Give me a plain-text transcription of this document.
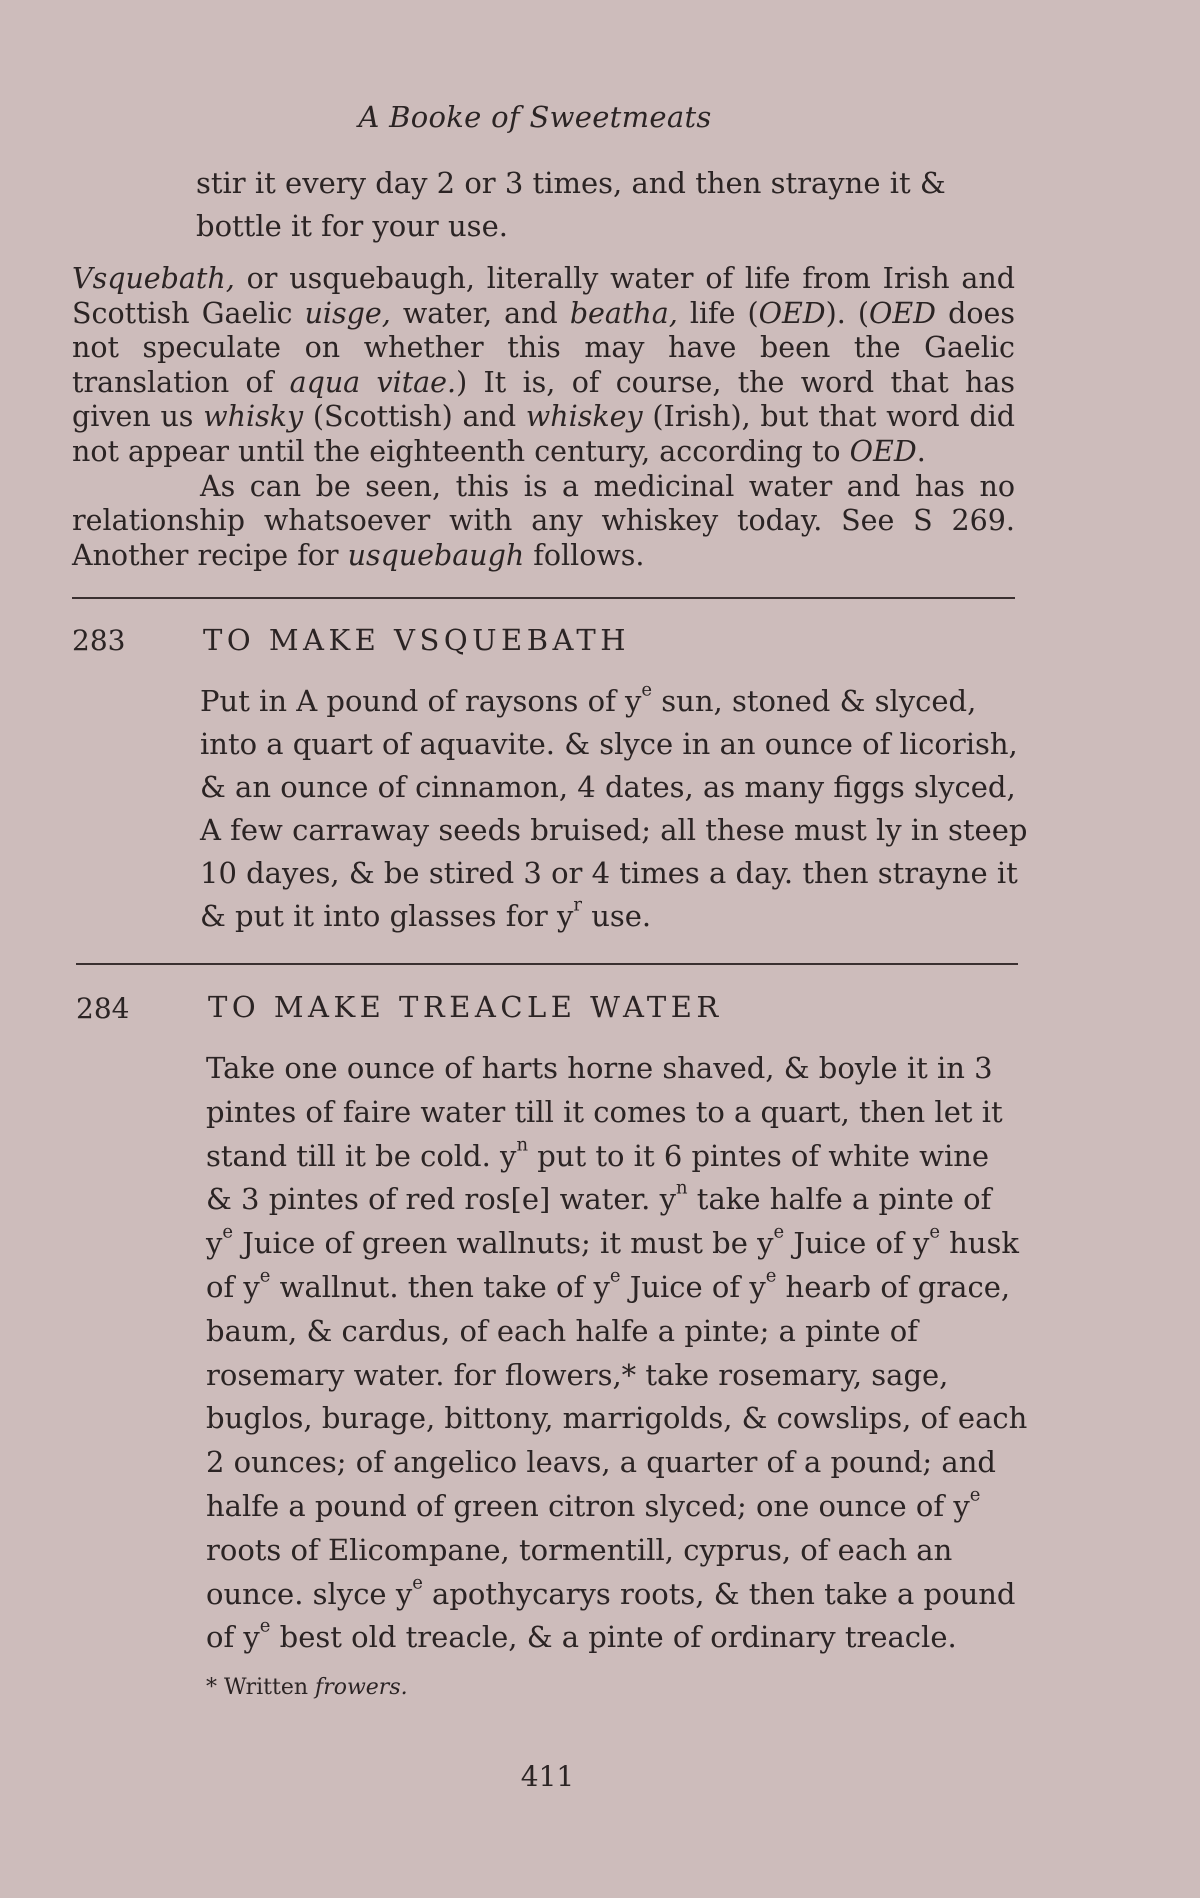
A Booke of Sweetmeats

stir it every day 2 or 3 times, and then strayne it &

bottle it for your use.

Vsquebath, or usquebaugh, literally water of life from Irish and Scottish Gaelic uisge, water, and beatha, life (OED). (OED does not speculate on whether this may have been the Gaelic translation of aqua vitae.) It is, of course, the word that has given us whisky (Scottish) and whiskey (Irish), but that word did not appear until the eighteenth century, according to OED.

As can be seen, this is a medicinal water and has no relationship whatsoever with any whiskey today. See S 269. Another recipe for usquebaugh follows.

283	TO MAKE VSQUEBATH

Put in A pound of raysons of $y^e$ sun, stoned & slyced,

into a quart of aquavite. & slyce in an ounce of licorish,

& an ounce of cinnamon, 4 dates, as many figgs slyced,

A few carraway seeds bruised; all these must ly in steep

10 dayes, & be stired 3 or 4 times a day. then strayne it

& put it into glasses for $y^r$ use.

284	TO MAKE TREACLE WATER

Take one ounce of harts horne shaved, & boyle it in 3

pintes of faire water till it comes to a quart, then let it

stand till it be cold. $y^n$ put to it 6 pintes of white wine

& 3 pintes of red ros[e] water. $y^n$ take halfe a pinte of

$y^e$ Juice of green wallnuts; it must be $y^e$ Juice of $y^e$ husk

of $y^e$ wallnut. then take of $y^e$ Juice of $y^e$ hearb of grace,

baum, & cardus, of each halfe a pinte; a pinte of

rosemary water. for flowers,* take rosemary, sage,

buglos, burage, bittony, marrigolds, & cowslips, of each

2 ounces; of angelico leavs, a quarter of a pound; and

halfe a pound of green citron slyced; one ounce of $y^e$

roots of Elicompane, tormentill, cyprus, of each an

ounce. slyce $y^e$ apothycarys roots, & then take a pound

of $y^e$ best old treacle, & a pinte of ordinary treacle.

* Written frowers.
411
